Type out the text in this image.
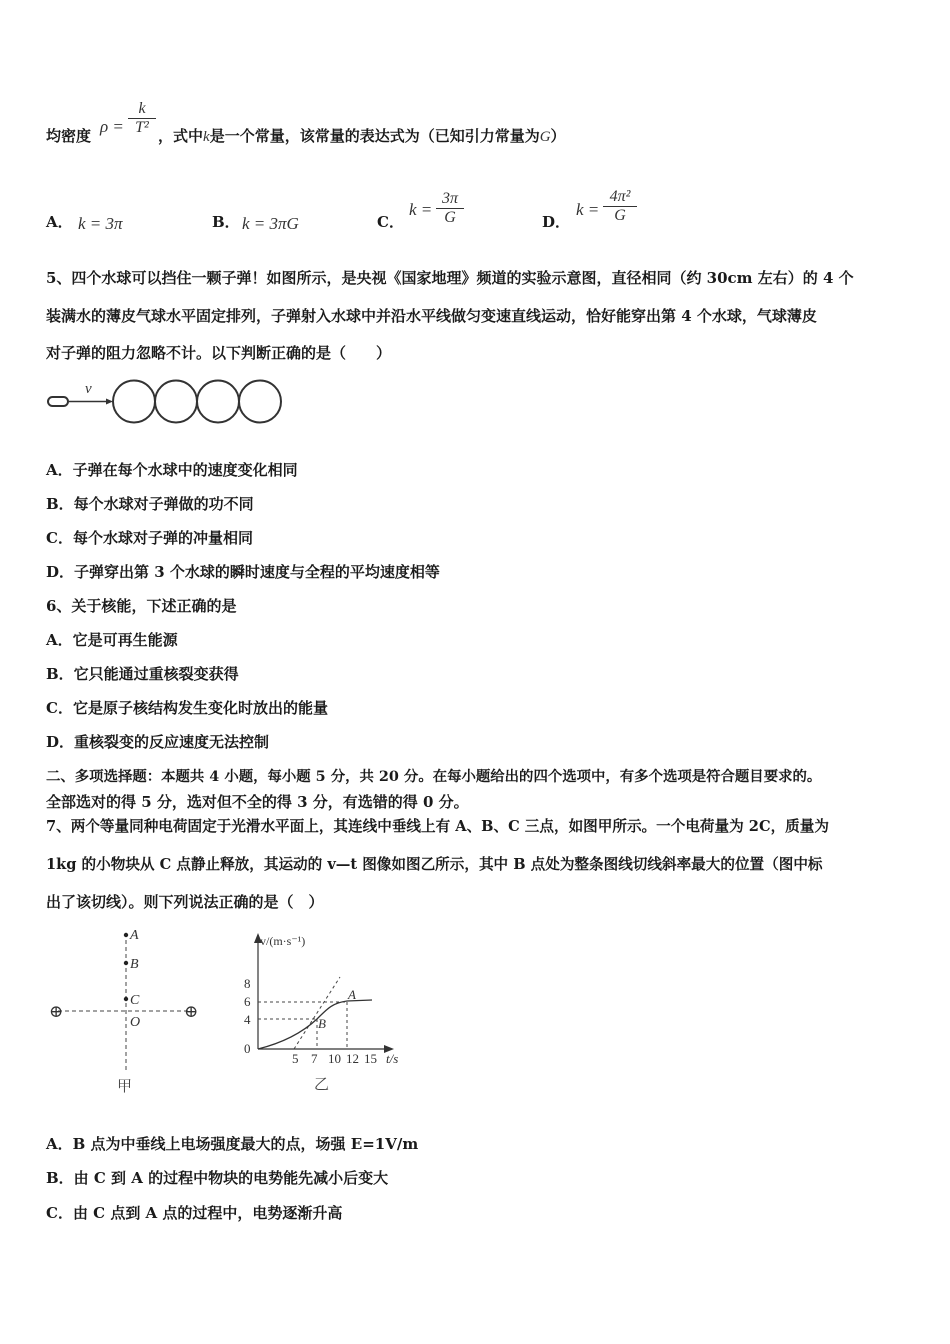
均密度 $\rho = \frac{k}{\text{T²}}$ ，式中k是一个常量，该常量的表达式为（已知引力常量为G）
A． k = 3π	B． k = 3πG	C．
$k = \frac{3\pi}{G}$	D．
$k = \frac{\text{4π²}}{G}$
5、四个水球可以挡住一颗子弹！如图所示，是央视《国家地理》频道的实验示意图，直径相同（约 30cm 左右）的 4 个
装满水的薄皮气球水平固定排列，子弹射入水球中并沿水平线做匀变速直线运动，恰好能穿出第 4 个水球，气球薄皮
对子弹的阻力忽略不计。以下判断正确的是（　　）
v
A．子弹在每个水球中的速度变化相同
B．每个水球对子弹做的功不同
C．每个水球对子弹的冲量相同
D．子弹穿出第 3 个水球的瞬时速度与全程的平均速度相等
6、关于核能，下述正确的是
A．它是可再生能源
B．它只能通过重核裂变获得
C．它是原子核结构发生变化时放出的能量
D．重核裂变的反应速度无法控制
二、多项选择题：本题共 4 小题，每小题 5 分，共 20 分。在每小题给出的四个选项中，有多个选项是符合题目要求的。
全部选对的得 5 分，选对但不全的得 3 分，有选错的得 0 分。
7、两个等量同种电荷固定于光滑水平面上，其连线中垂线上有 A、B、C 三点，如图甲所示。一个电荷量为 2C，质量为
1kg 的小物块从 C 点静止释放，其运动的 v—t 图像如图乙所示，其中 B 点处为整条图线切线斜率最大的位置（图中标
出了该切线）。则下列说法正确的是（　）
A
B
C
O
⊕	⊕
甲
v/(m·s⁻¹)
t/s
0
5 7 10 12 15
4
6
8
A
B
乙
A．B 点为中垂线上电场强度最大的点，场强 E=1V/m
B．由 C 到 A 的过程中物块的电势能先减小后变大
C．由 C 点到 A 点的过程中，电势逐渐升高
